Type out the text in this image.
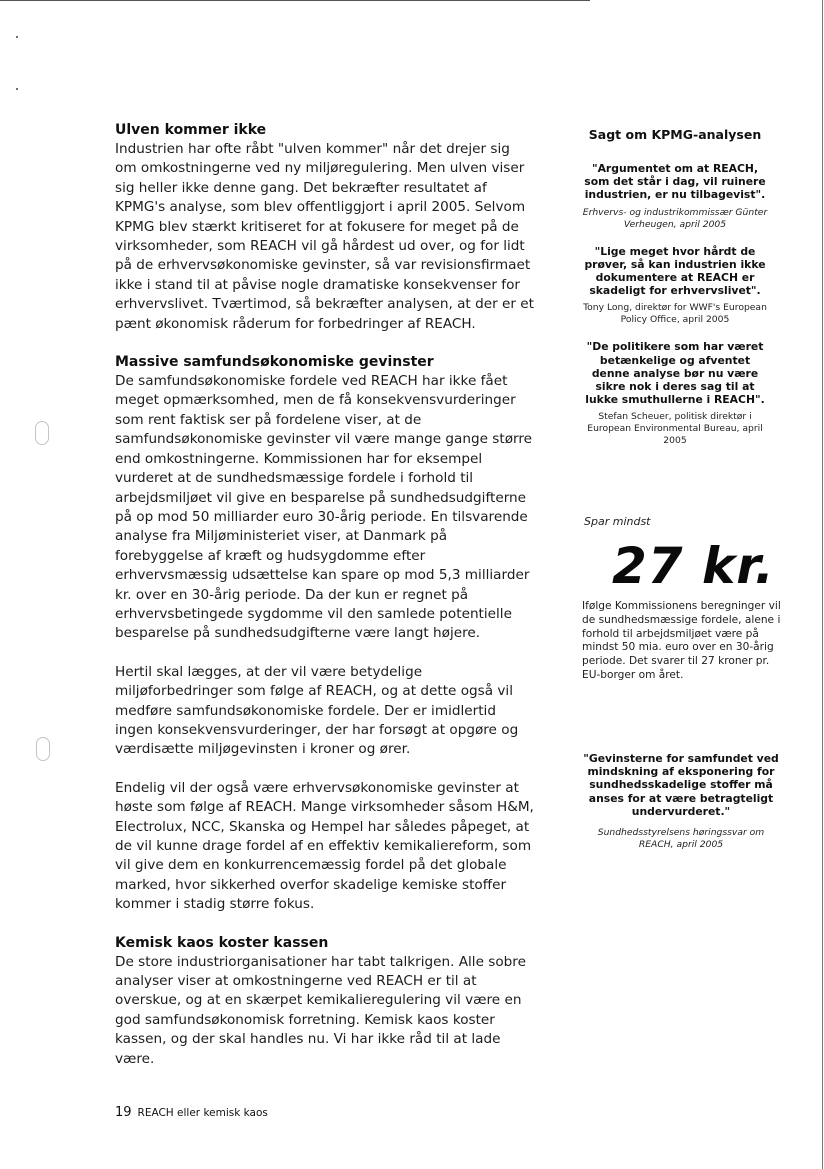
Ulven kommer ikke

Industrien har ofte råbt "ulven kommer" når det drejer sig om omkostningerne ved ny miljøregulering. Men ulven viser sig heller ikke denne gang. Det bekræfter resultatet af KPMG's analyse, som blev offentliggjort i april 2005. Selvom KPMG blev stærkt kritiseret for at fokusere for meget på de virksomheder, som REACH vil gå hårdest ud over, og for lidt på de erhvervsøkonomiske gevinster, så var revisionsfirmaet ikke i stand til at påvise nogle dramatiske konsekvenser for erhvervslivet. Tværtimod, så bekræfter analysen, at der er et pænt økonomisk råderum for forbedringer af REACH.

Massive samfundsøkonomiske gevinster

De samfundsøkonomiske fordele ved REACH har ikke fået meget opmærksomhed, men de få konsekvensvurderinger som rent faktisk ser på fordelene viser, at de samfundsøkonomiske gevinster vil være mange gange større end omkostningerne. Kommissionen har for eksempel vurderet at de sundhedsmæssige fordele i forhold til arbejdsmiljøet vil give en besparelse på sundhedsudgifterne på op mod 50 milliarder euro 30-årig periode. En tilsvarende analyse fra Miljøministeriet viser, at Danmark på forebyggelse af kræft og hudsygdomme efter erhvervsmæssig udsættelse kan spare op mod 5,3 milliarder kr. over en 30-årig periode. Da der kun er regnet på erhvervsbetingede sygdomme vil den samlede potentielle besparelse på sundhedsudgifterne være langt højere.

Hertil skal lægges, at der vil være betydelige miljøforbedringer som følge af REACH, og at dette også vil medføre samfundsøkonomiske fordele. Der er imidlertid ingen konsekvensvurderinger, der har forsøgt at opgøre og værdisætte miljøgevinsten i kroner og ører.

Endelig vil der også være erhvervsøkonomiske gevinster at høste som følge af REACH. Mange virksomheder såsom H&M, Electrolux, NCC, Skanska og Hempel har således påpeget, at de vil kunne drage fordel af en effektiv kemikaliereform, som vil give dem en konkurrencemæssig fordel på det globale marked, hvor sikkerhed overfor skadelige kemiske stoffer kommer i stadig større fokus.

Kemisk kaos koster kassen

De store industriorganisationer har tabt talkrigen. Alle sobre analyser viser at omkostningerne ved REACH er til at overskue, og at en skærpet kemikalieregulering vil være en god samfundsøkonomisk forretning. Kemisk kaos koster kassen, og der skal handles nu. Vi har ikke råd til at lade være.

Sagt om KPMG-analysen

"Argumentet om at REACH, som det står i dag, vil ruinere industrien, er nu tilbagevist".

Erhvervs- og industrikommissær Günter Verheugen, april 2005

"Lige meget hvor hårdt de prøver, så kan industrien ikke dokumentere at REACH er skadeligt for erhvervslivet".

Tony Long, direktør for WWF's European Policy Office, april 2005

"De politikere som har været betænkelige og afventet denne analyse bør nu være sikre nok i deres sag til at lukke smuthullerne i REACH".

Stefan Scheuer, politisk direktør i European Environmental Bureau, april 2005

Spar mindst
27 kr.

Ifølge Kommissionens beregninger vil de sundhedsmæssige fordele, alene i forhold til arbejdsmiljøet være på mindst 50 mia. euro over en 30-årig periode. Det svarer til 27 kroner pr. EU-borger om året.

"Gevinsterne for samfundet ved mindskning af eksponering for sundhedsskadelige stoffer må anses for at være betragteligt undervurderet."

Sundhedsstyrelsens høringssvar om REACH, april 2005

19 REACH eller kemisk kaos
